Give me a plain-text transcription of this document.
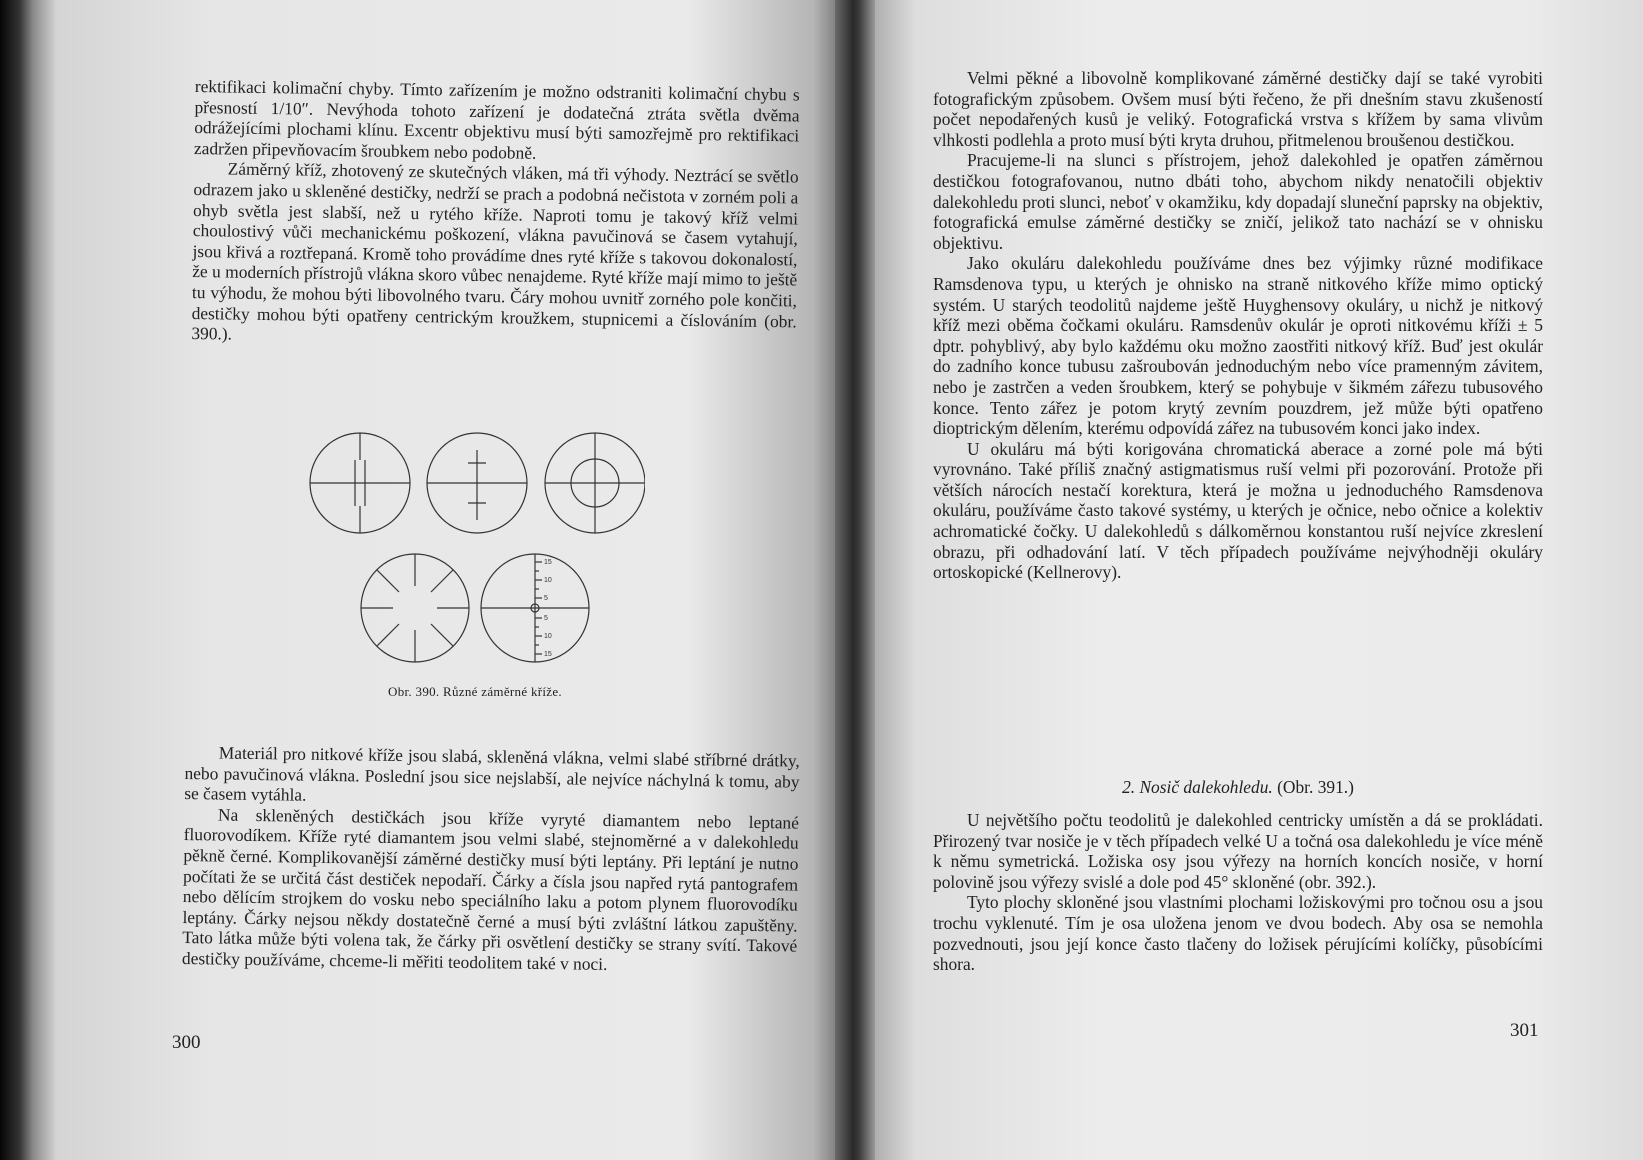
rektifikaci kolimační chyby. Tímto zařízením je možno odstraniti kolimační chybu s přesností 1/10″. Nevýhoda tohoto zařízení je dodatečná ztráta světla dvěma odrážejícími plochami klínu. Excentr objektivu musí býti samozřejmě pro rektifikaci zadržen připevňovacím šroubkem nebo podobně.

Záměrný kříž, zhotovený ze skutečných vláken, má tři výhody. Neztrácí se světlo odrazem jako u skleněné destičky, nedrží se prach a podobná nečistota v zorném poli a ohyb světla jest slabší, než u rytého kříže. Naproti tomu je takový kříž velmi choulostivý vůči mechanickému poškození, vlákna pavučinová se časem vytahují, jsou křivá a roztřepaná. Kromě toho provádíme dnes ryté kříže s takovou dokonalostí, že u moderních přístrojů vlákna skoro vůbec nenajdeme. Ryté kříže mají mimo to ještě tu výhodu, že mohou býti libovolného tvaru. Čáry mohou uvnitř zorného pole končiti, destičky mohou býti opatřeny centrickým kroužkem, stupnicemi a číslováním (obr. 390.).

15
10
5
5
10
15
Obr. 390. Různé záměrné kříže.

Materiál pro nitkové kříže jsou slabá, skleněná vlákna, velmi slabé stříbrné drátky, nebo pavučinová vlákna. Poslední jsou sice nejslabší, ale nejvíce náchylná k tomu, aby se časem vytáhla.

Na skleněných destičkách jsou kříže vyryté diamantem nebo leptané fluorovodíkem. Kříže ryté diamantem jsou velmi slabé, stejnoměrné a v dalekohledu pěkně černé. Komplikovanější záměrné destičky musí býti leptány. Při leptání je nutno počítati že se určitá část destiček nepodaří. Čárky a čísla jsou napřed rytá pantografem nebo dělícím strojkem do vosku nebo speciálního laku a potom plynem fluorovodíku leptány. Čárky nejsou někdy dostatečně černé a musí býti zvláštní látkou zapuštěny. Tato látka může býti volena tak, že čárky při osvětlení destičky se strany svítí. Takové destičky používáme, chceme-li měřiti teodolitem také v noci.

300

Velmi pěkné a libovolně komplikované záměrné destičky dají se také vyrobiti fotografickým způsobem. Ovšem musí býti řečeno, že při dnešním stavu zkušeností počet nepodařených kusů je veliký. Fotografická vrstva s křížem by sama vlivům vlhkosti podlehla a proto musí býti kryta druhou, přitmelenou broušenou destičkou.

Pracujeme-li na slunci s přístrojem, jehož dalekohled je opatřen záměrnou destičkou fotografovanou, nutno dbáti toho, abychom nikdy nenatočili objektiv dalekohledu proti slunci, neboť v okamžiku, kdy dopadají sluneční paprsky na objektiv, fotografická emulse záměrné destičky se zničí, jelikož tato nachází se v ohnisku objektivu.

Jako okuláru dalekohledu používáme dnes bez výjimky různé modifikace Ramsdenova typu, u kterých je ohnisko na straně nitkového kříže mimo optický systém. U starých teodolitů najdeme ještě Huyghensovy okuláry, u nichž je nitkový kříž mezi oběma čočkami okuláru. Ramsdenův okulár je oproti nitkovému kříži ± 5 dptr. pohyblivý, aby bylo každému oku možno zaostřiti nitkový kříž. Buď jest okulár do zadního konce tubusu zašroubován jednoduchým nebo více pramenným závitem, nebo je zastrčen a veden šroubkem, který se pohybuje v šikmém zářezu tubusového konce. Tento zářez je potom krytý zevním pouzdrem, jež může býti opatřeno dioptrickým dělením, kterému odpovídá zářez na tubusovém konci jako index.

U okuláru má býti korigována chromatická aberace a zorné pole má býti vyrovnáno. Také příliš značný astigmatismus ruší velmi při pozorování. Protože při větších nárocích nestačí korektura, která je možna u jednoduchého Ramsdenova okuláru, používáme často takové systémy, u kterých je očnice, nebo očnice a kolektiv achromatické čočky. U dalekohledů s dálkoměrnou konstantou ruší nejvíce zkreslení obrazu, při odhadování latí. V těch případech používáme nejvýhodněji okuláry ortoskopické (Kellnerovy).

2. Nosič dalekohledu. (Obr. 391.)

U největšího počtu teodolitů je dalekohled centricky umístěn a dá se prokládati. Přirozený tvar nosiče je v těch případech velké U a točná osa dalekohledu je více méně k němu symetrická. Ložiska osy jsou výřezy na horních koncích nosiče, v horní polovině jsou výřezy svislé a dole pod 45° skloněné (obr. 392.).

Tyto plochy skloněné jsou vlastními plochami ložiskovými pro točnou osu a jsou trochu vyklenuté. Tím je osa uložena jenom ve dvou bodech. Aby osa se nemohla pozvednouti, jsou její konce často tlačeny do ložisek pérujícími kolíčky, působícími shora.

301
